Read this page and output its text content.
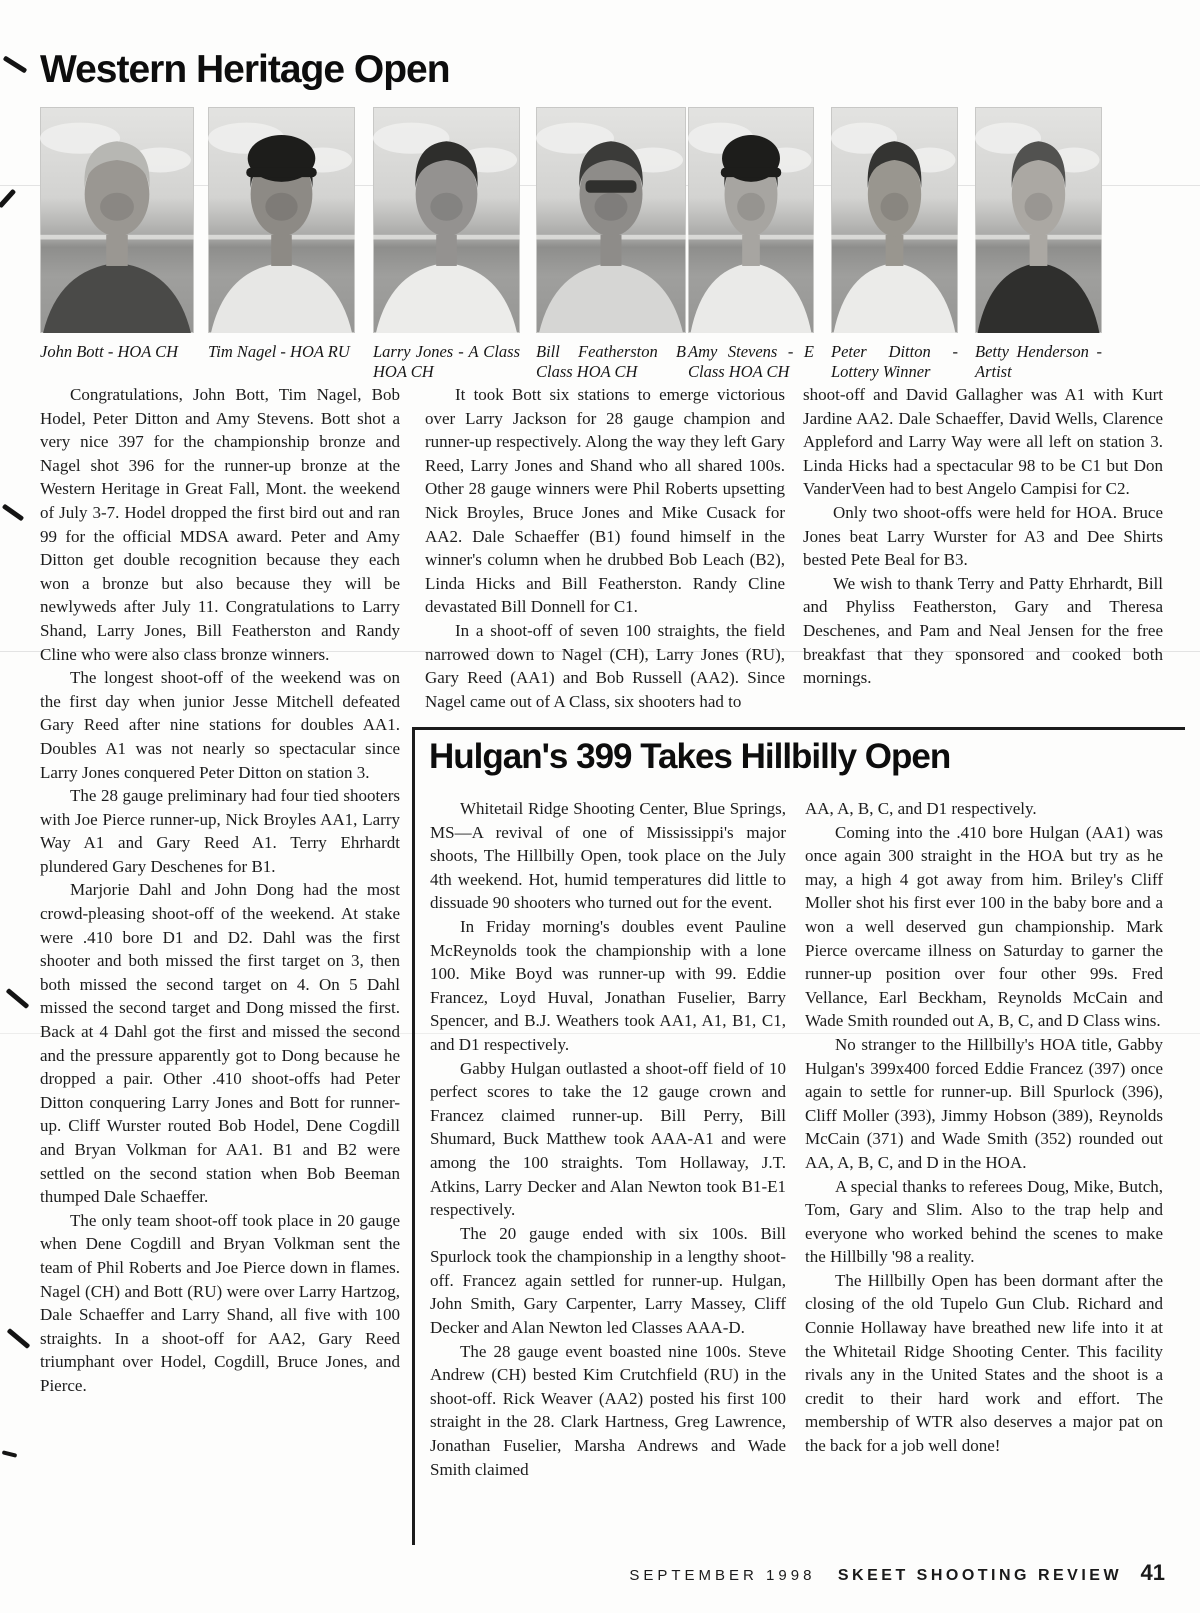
Western Heritage Open
John Bott - HOA CH	Tim Nagel - HOA RU	Larry Jones - A Class HOA CH
Bill Featherston B Class HOA CH
Amy Stevens - E Class HOA CH
Peter Ditton - Lottery Winner
Betty Henderson - Artist

Congratulations, John Bott, Tim Nagel, Bob Hodel, Peter Ditton and Amy Stevens. Bott shot a very nice 397 for the championship bronze and Nagel shot 396 for the runner-up bronze at the Western Heritage in Great Fall, Mont. the weekend of July 3-7. Hodel dropped the first bird out and ran 99 for the official MDSA award. Peter and Amy Ditton get double recognition because they each won a bronze but also because they will be newlyweds after July 11. Congratulations to Larry Shand, Larry Jones, Bill Featherston and Randy Cline who were also class bronze winners.

The longest shoot-off of the weekend was on the first day when junior Jesse Mitchell defeated Gary Reed after nine stations for doubles AA1. Doubles A1 was not nearly so spectacular since Larry Jones conquered Peter Ditton on station 3.

The 28 gauge preliminary had four tied shooters with Joe Pierce runner-up, Nick Broyles AA1, Larry Way A1 and Gary Reed A1. Terry Ehrhardt plundered Gary Deschenes for B1.

Marjorie Dahl and John Dong had the most crowd-pleasing shoot-off of the weekend. At stake were .410 bore D1 and D2. Dahl was the first shooter and both missed the first target on 3, then both missed the second target on 4. On 5 Dahl missed the second target and Dong missed the first. Back at 4 Dahl got the first and missed the second and the pressure apparently got to Dong because he dropped a pair. Other .410 shoot-offs had Peter Ditton conquering Larry Jones and Bott for runner-up. Cliff Wurster routed Bob Hodel, Dene Cogdill and Bryan Volkman for AA1. B1 and B2 were settled on the second station when Bob Beeman thumped Dale Schaeffer.

The only team shoot-off took place in 20 gauge when Dene Cogdill and Bryan Volkman sent the team of Phil Roberts and Joe Pierce down in flames. Nagel (CH) and Bott (RU) were over Larry Hartzog, Dale Schaeffer and Larry Shand, all five with 100 straights. In a shoot-off for AA2, Gary Reed triumphant over Hodel, Cogdill, Bruce Jones, and Pierce.

It took Bott six stations to emerge victorious over Larry Jackson for 28 gauge champion and runner-up respectively. Along the way they left Gary Reed, Larry Jones and Shand who all shared 100s. Other 28 gauge winners were Phil Roberts upsetting Nick Broyles, Bruce Jones and Mike Cusack for AA2. Dale Schaeffer (B1) found himself in the winner's column when he drubbed Bob Leach (B2), Linda Hicks and Bill Featherston. Randy Cline devastated Bill Donnell for C1.

In a shoot-off of seven 100 straights, the field narrowed down to Nagel (CH), Larry Jones (RU), Gary Reed (AA1) and Bob Russell (AA2). Since Nagel came out of A Class, six shooters had to

shoot-off and David Gallagher was A1 with Kurt Jardine AA2. Dale Schaeffer, David Wells, Clarence Appleford and Larry Way were all left on station 3. Linda Hicks had a spectacular 98 to be C1 but Don VanderVeen had to best Angelo Campisi for C2.

Only two shoot-offs were held for HOA. Bruce Jones beat Larry Wurster for A3 and Dee Shirts bested Pete Beal for B3.

We wish to thank Terry and Patty Ehrhardt, Bill and Phyliss Featherston, Gary and Theresa Deschenes, and Pam and Neal Jensen for the free breakfast that they sponsored and cooked both mornings.

Hulgan's 399 Takes Hillbilly Open

Whitetail Ridge Shooting Center, Blue Springs, MS—A revival of one of Mississippi's major shoots, The Hillbilly Open, took place on the July 4th weekend. Hot, humid temperatures did little to dissuade 90 shooters who turned out for the event.

In Friday morning's doubles event Pauline McReynolds took the championship with a lone 100. Mike Boyd was runner-up with 99. Eddie Francez, Loyd Huval, Jonathan Fuselier, Barry Spencer, and B.J. Weathers took AA1, A1, B1, C1, and D1 respectively.

Gabby Hulgan outlasted a shoot-off field of 10 perfect scores to take the 12 gauge crown and Francez claimed runner-up. Bill Perry, Bill Shumard, Buck Matthew took AAA-A1 and were among the 100 straights. Tom Hollaway, J.T. Atkins, Larry Decker and Alan Newton took B1-E1 respectively.

The 20 gauge ended with six 100s. Bill Spurlock took the championship in a lengthy shoot-off. Francez again settled for runner-up. Hulgan, John Smith, Gary Carpenter, Larry Massey, Cliff Decker and Alan Newton led Classes AAA-D.

The 28 gauge event boasted nine 100s. Steve Andrew (CH) bested Kim Crutchfield (RU) in the shoot-off. Rick Weaver (AA2) posted his first 100 straight in the 28. Clark Hartness, Greg Lawrence, Jonathan Fuselier, Marsha Andrews and Wade Smith claimed

AA, A, B, C, and D1 respectively.

Coming into the .410 bore Hulgan (AA1) was once again 300 straight in the HOA but try as he may, a high 4 got away from him. Briley's Cliff Moller shot his first ever 100 in the baby bore and a won a well deserved gun championship. Mark Pierce overcame illness on Saturday to garner the runner-up position over four other 99s. Fred Vellance, Earl Beckham, Reynolds McCain and Wade Smith rounded out A, B, C, and D Class wins.

No stranger to the Hillbilly's HOA title, Gabby Hulgan's 399x400 forced Eddie Francez (397) once again to settle for runner-up. Bill Spurlock (396), Cliff Moller (393), Jimmy Hobson (389), Reynolds McCain (371) and Wade Smith (352) rounded out AA, A, B, C, and D in the HOA.

A special thanks to referees Doug, Mike, Butch, Tom, Gary and Slim. Also to the trap help and everyone who worked behind the scenes to make the Hillbilly '98 a reality.

The Hillbilly Open has been dormant after the closing of the old Tupelo Gun Club. Richard and Connie Hollaway have breathed new life into it at the Whitetail Ridge Shooting Center. This facility rivals any in the United States and the shoot is a credit to their hard work and effort. The membership of WTR also deserves a major pat on the back for a job well done!

SEPTEMBER 1998 SKEET SHOOTING REVIEW 41
